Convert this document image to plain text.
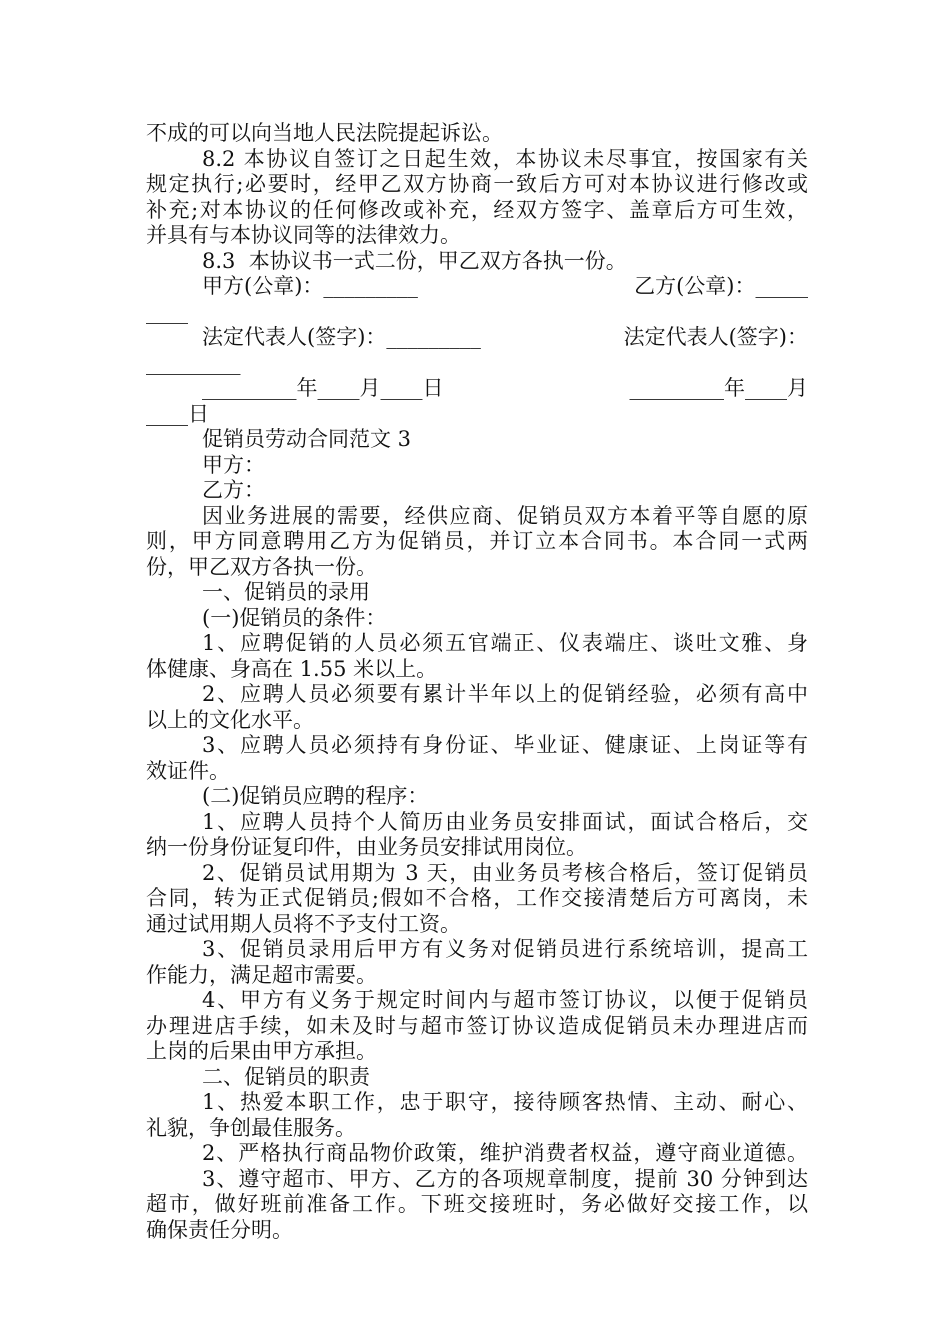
不成的可以向当地人民法院提起诉讼。
8.2 本协议自签订之日起生效，本协议未尽事宜，按国家有关
规定执行;必要时，经甲乙双方协商一致后方可对本协议进行修改或
补充;对本协议的任何修改或补充，经双方签字、盖章后方可生效，
并具有与本协议同等的法律效力。
8.3  本协议书一式二份，甲乙双方各执一份。
甲方(公章)：_________	乙方(公章)：_____
____
法定代表人(签字)：_________	法定代表人(签字)：
_________
_________年____月____日	_________年____月
____日
促销员劳动合同范文 3
甲方：
乙方：
因业务进展的需要，经供应商、促销员双方本着平等自愿的原
则，甲方同意聘用乙方为促销员，并订立本合同书。本合同一式两
份，甲乙双方各执一份。
一、促销员的录用
(一)促销员的条件：
1、应聘促销的人员必须五官端正、仪表端庄、谈吐文雅、身
体健康、身高在 1.55 米以上。
2、应聘人员必须要有累计半年以上的促销经验，必须有高中
以上的文化水平。
3、应聘人员必须持有身份证、毕业证、健康证、上岗证等有
效证件。
(二)促销员应聘的程序：
1、应聘人员持个人简历由业务员安排面试，面试合格后，交
纳一份身份证复印件，由业务员安排试用岗位。
2、促销员试用期为 3 天，由业务员考核合格后，签订促销员
合同，转为正式促销员;假如不合格，工作交接清楚后方可离岗，未
通过试用期人员将不予支付工资。
3、促销员录用后甲方有义务对促销员进行系统培训，提高工
作能力，满足超市需要。
4、甲方有义务于规定时间内与超市签订协议，以便于促销员
办理进店手续，如未及时与超市签订协议造成促销员未办理进店而
上岗的后果由甲方承担。
二、促销员的职责
1、热爱本职工作，忠于职守，接待顾客热情、主动、耐心、
礼貌，争创最佳服务。
2、严格执行商品物价政策，维护消费者权益，遵守商业道德。
3、遵守超市、甲方、乙方的各项规章制度，提前 30 分钟到达
超市，做好班前准备工作。下班交接班时，务必做好交接工作，以
确保责任分明。
